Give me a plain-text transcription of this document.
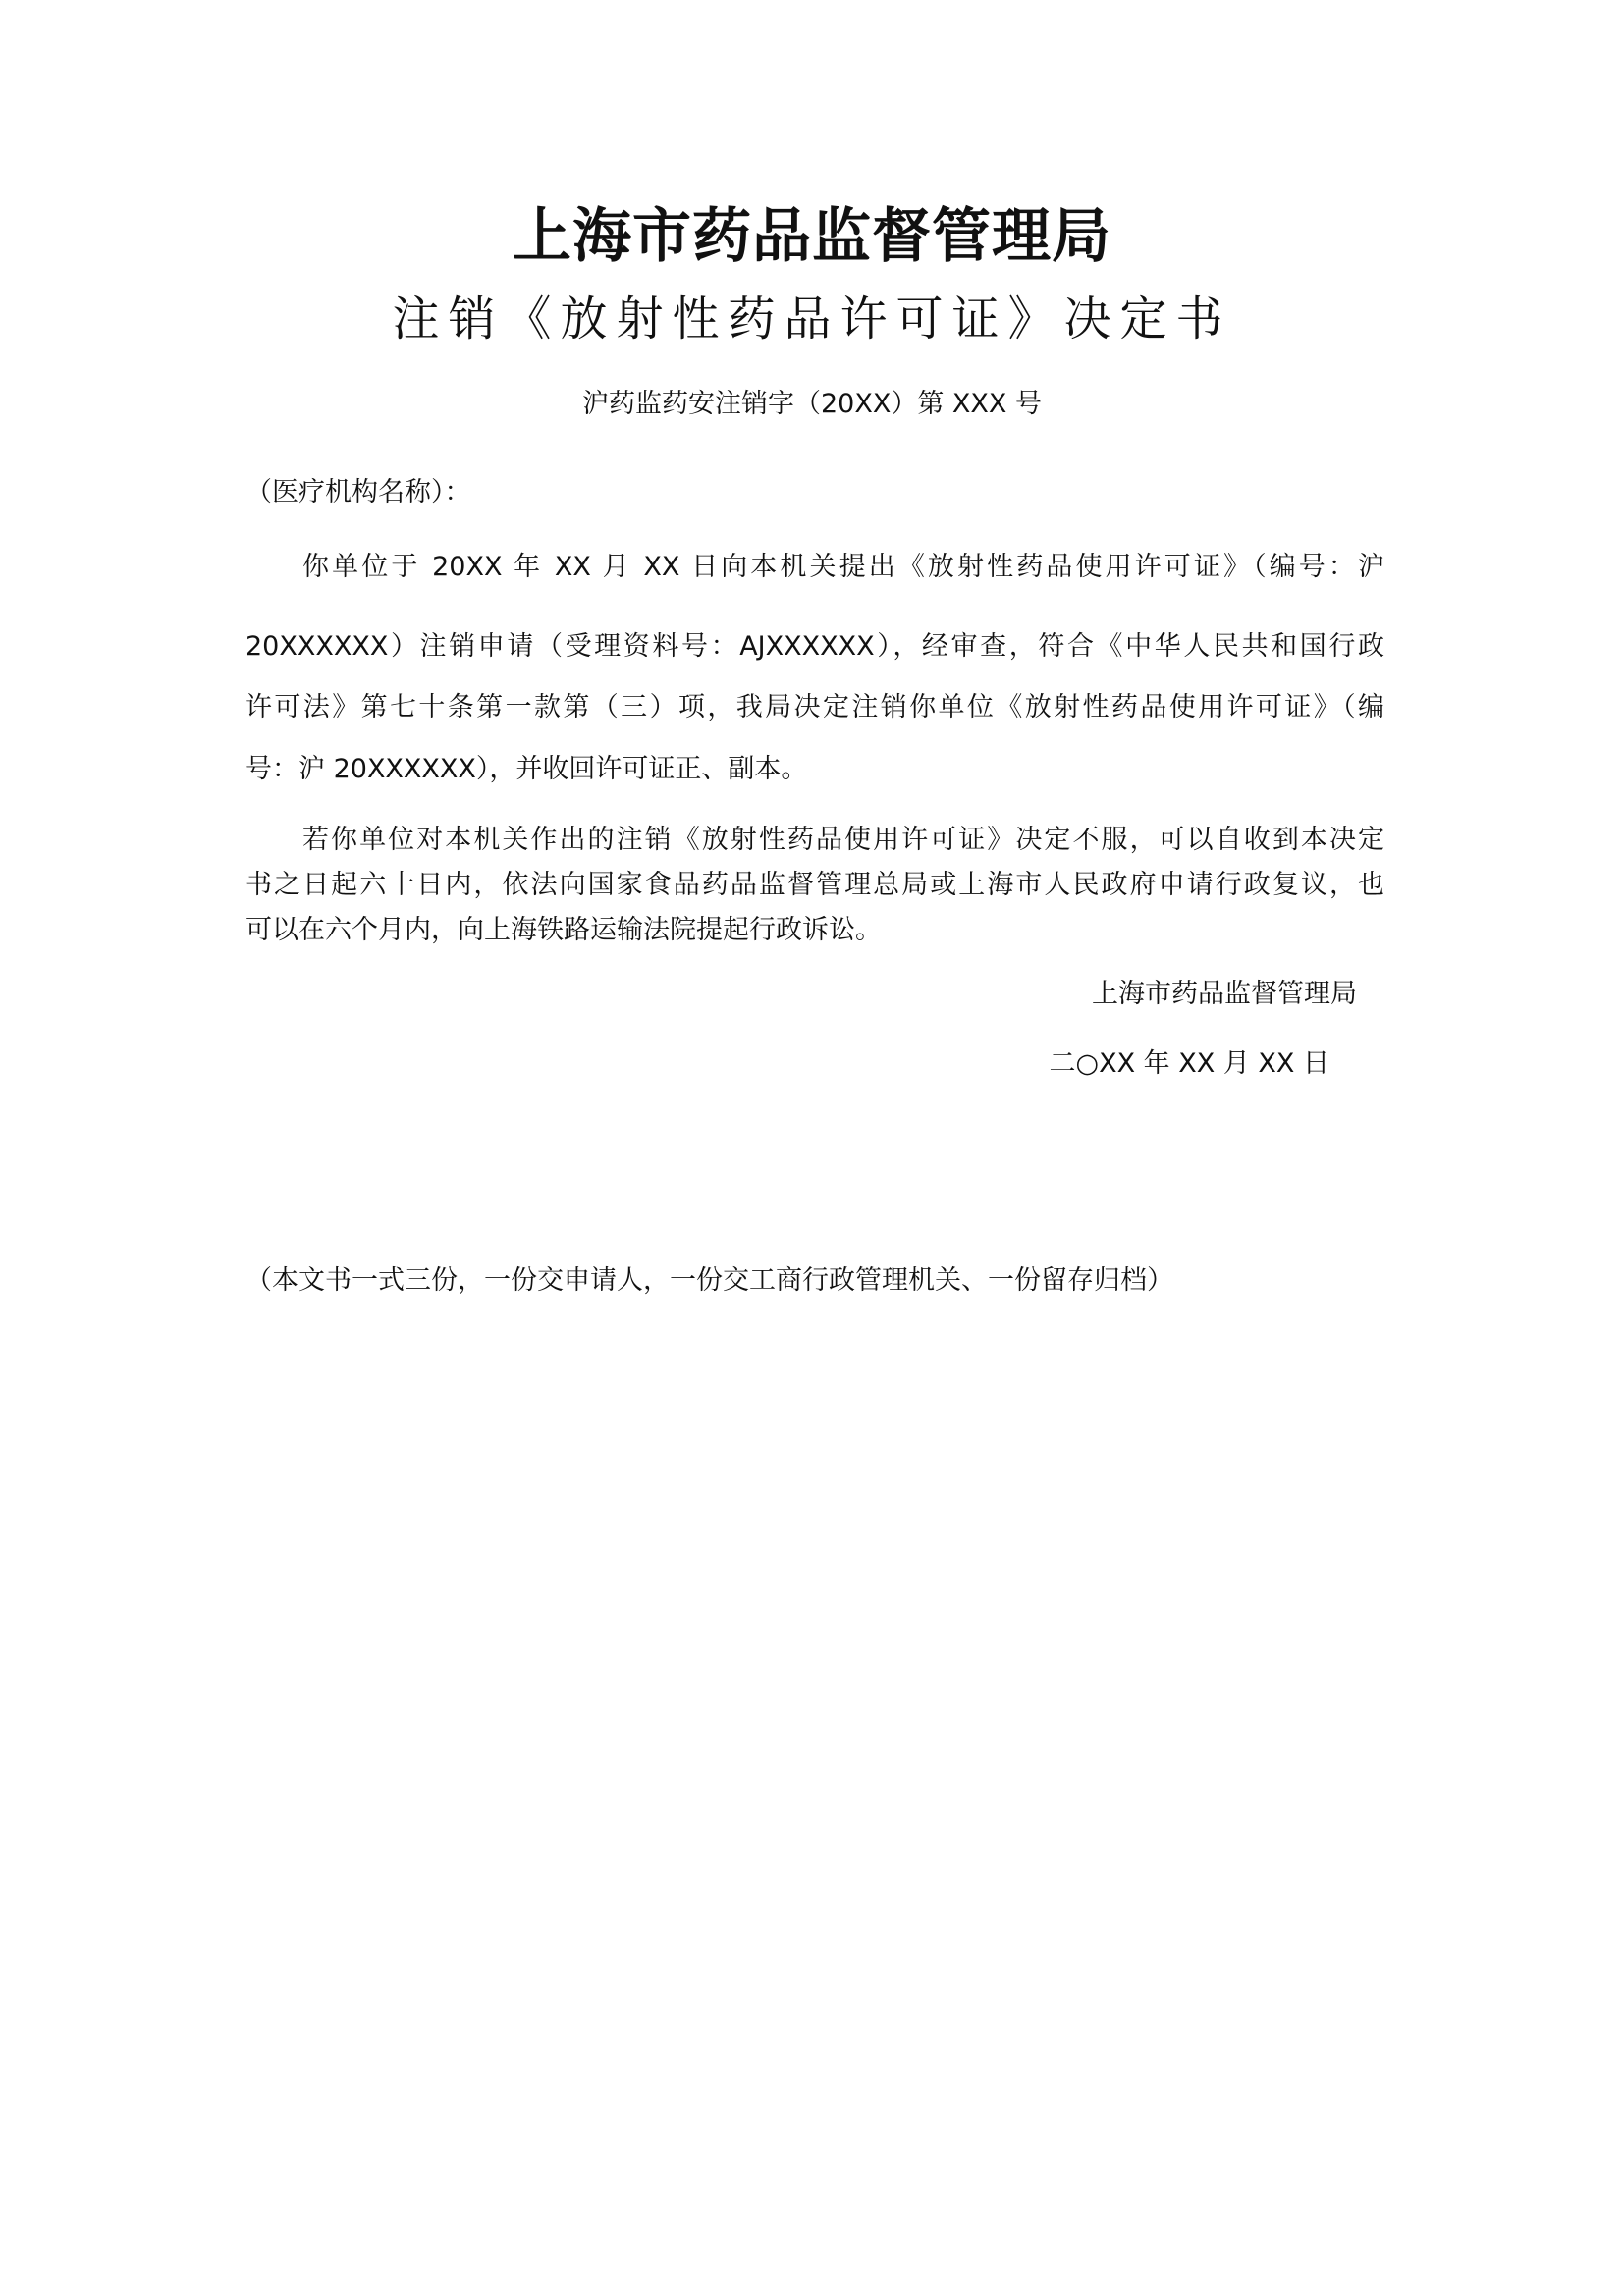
上海市药品监督管理局
注销《放射性药品许可证》决定书
沪药监药安注销字（20XX）第 XXX 号
（医疗机构名称）：
你单位于 20XX 年 XX 月 XX 日向本机关提出《放射性药品使用许可证》（编号：沪
20XXXXXX）注销申请（受理资料号：AJXXXXXX），经审查，符合《中华人民共和国行政
许可法》第七十条第一款第（三）项，我局决定注销你单位《放射性药品使用许可证》（编
号：沪 20XXXXXX），并收回许可证正、副本。
若你单位对本机关作出的注销《放射性药品使用许可证》决定不服，可以自收到本决定
书之日起六十日内，依法向国家食品药品监督管理总局或上海市人民政府申请行政复议，也
可以在六个月内，向上海铁路运输法院提起行政诉讼。
上海市药品监督管理局
二○XX 年 XX 月 XX 日
（本文书一式三份，一份交申请人，一份交工商行政管理机关、一份留存归档）
